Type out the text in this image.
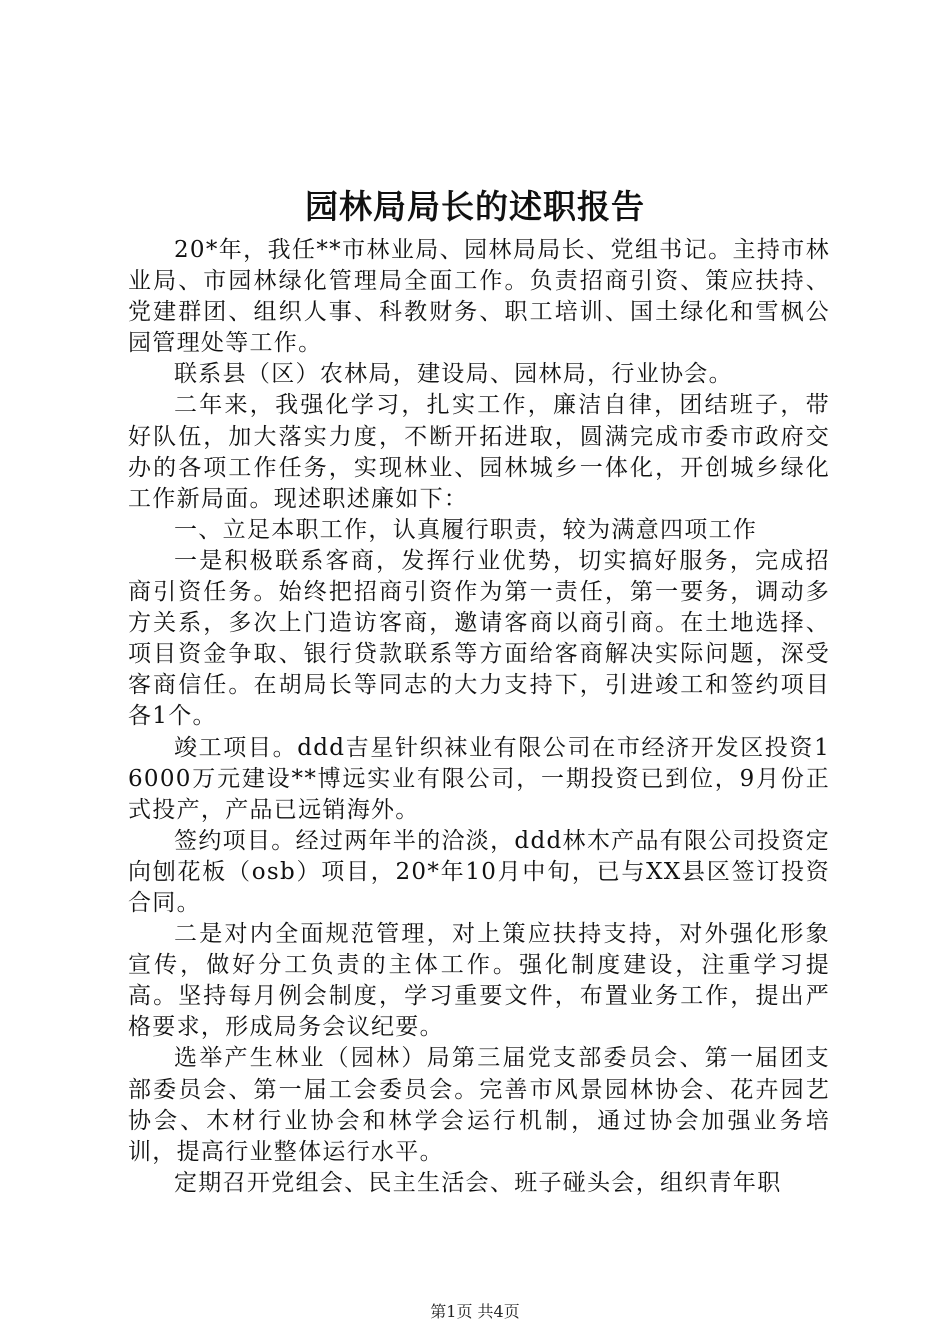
园林局局长的述职报告

20*年，我任**市林业局、园林局局长、党组书记。主持市林业局、市园林绿化管理局全面工作。负责招商引资、策应扶持、党建群团、组织人事、科教财务、职工培训、国土绿化和雪枫公园管理处等工作。

联系县（区）农林局，建设局、园林局，行业协会。

二年来，我强化学习，扎实工作，廉洁自律，团结班子，带好队伍，加大落实力度，不断开拓进取，圆满完成市委市政府交办的各项工作任务，实现林业、园林城乡一体化，开创城乡绿化工作新局面。现述职述廉如下：

一、立足本职工作，认真履行职责，较为满意四项工作

一是积极联系客商，发挥行业优势，切实搞好服务，完成招商引资任务。始终把招商引资作为第一责任，第一要务，调动多方关系，多次上门造访客商，邀请客商以商引商。在土地选择、项目资金争取、银行贷款联系等方面给客商解决实际问题，深受客商信任。在胡局长等同志的大力支持下，引进竣工和签约项目各1个。

竣工项目。ddd吉星针织袜业有限公司在市经济开发区投资16000万元建设**博远实业有限公司，一期投资已到位，9月份正式投产，产品已远销海外。

签约项目。经过两年半的洽淡，ddd林木产品有限公司投资定向刨花板（osb）项目，20*年10月中旬，已与XX县区签订投资合同。

二是对内全面规范管理，对上策应扶持支持，对外强化形象宣传，做好分工负责的主体工作。强化制度建设，注重学习提高。坚持每月例会制度，学习重要文件，布置业务工作，提出严格要求，形成局务会议纪要。

选举产生林业（园林）局第三届党支部委员会、第一届团支部委员会、第一届工会委员会。完善市风景园林协会、花卉园艺协会、木材行业协会和林学会运行机制，通过协会加强业务培训，提高行业整体运行水平。

定期召开党组会、民主生活会、班子碰头会，组织青年职

第1页 共4页
